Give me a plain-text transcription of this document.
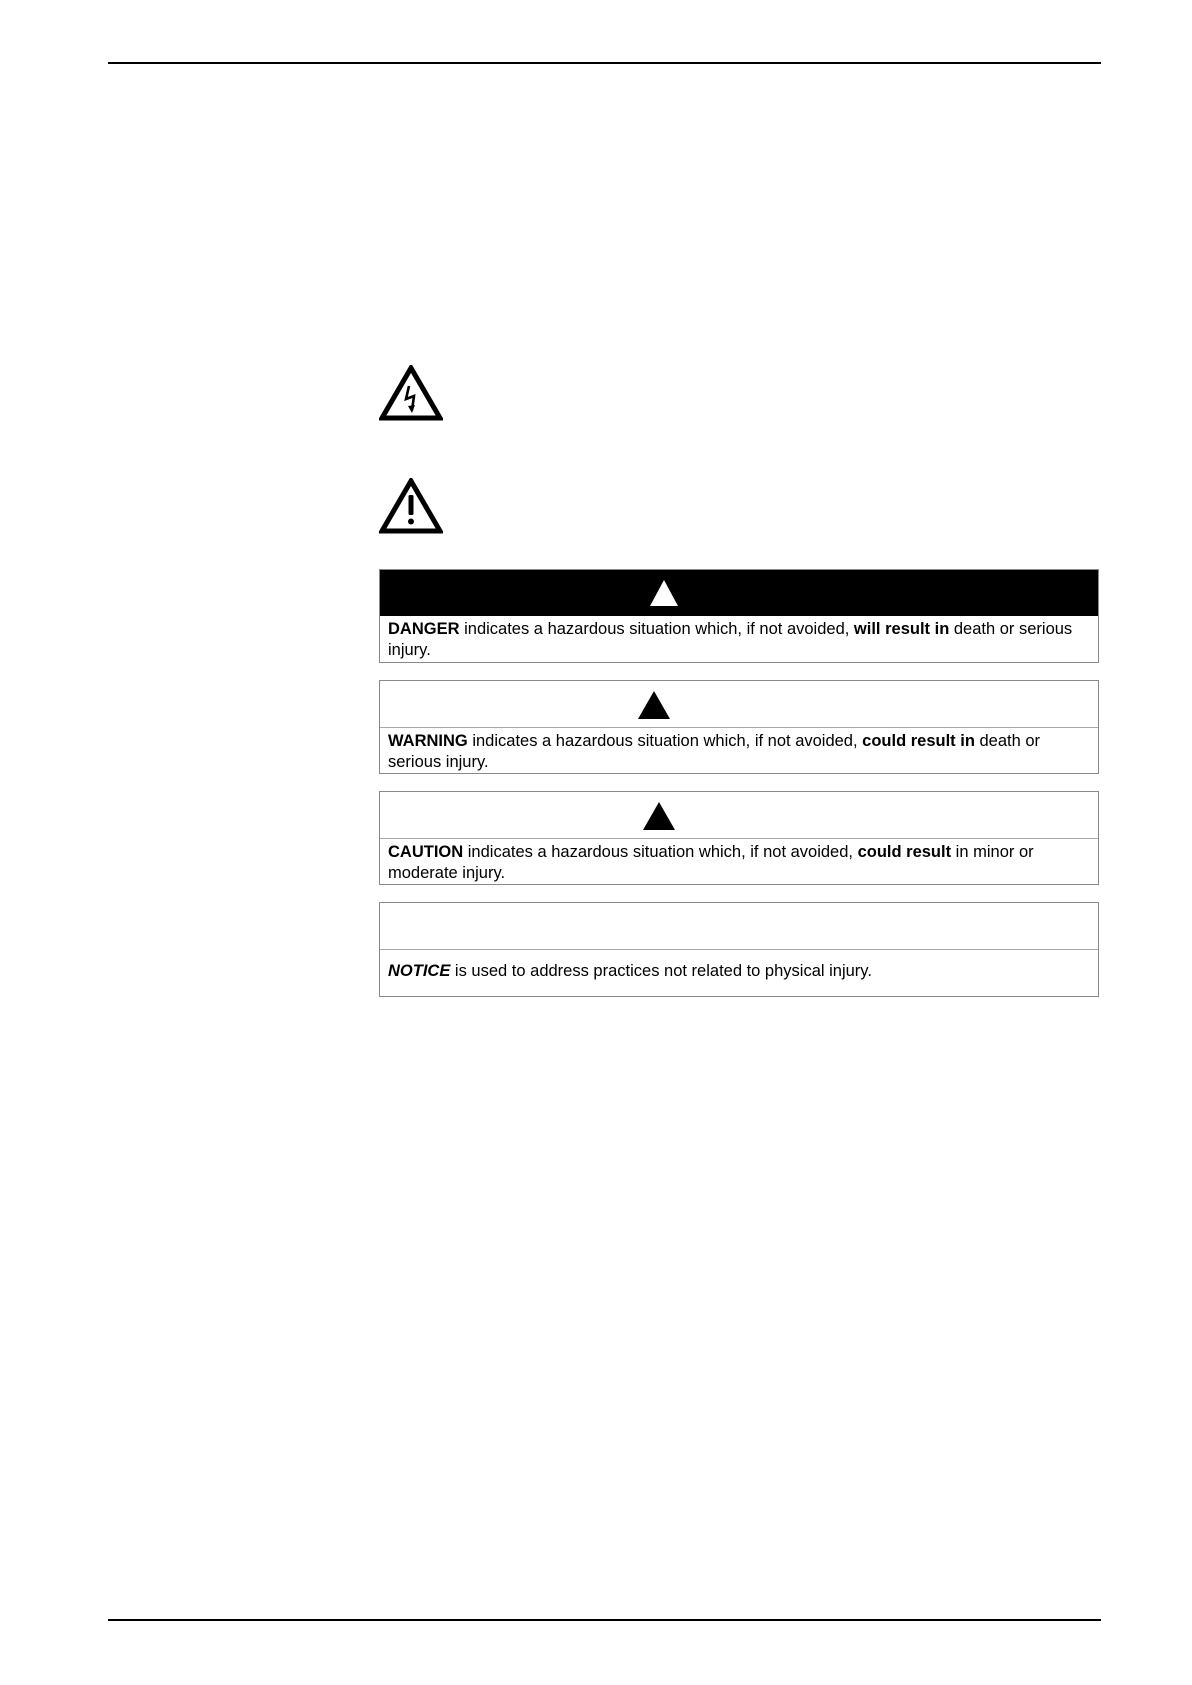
DANGER indicates a hazardous situation which, if not avoided, will result in death or serious injury.
WARNING indicates a hazardous situation which, if not avoided, could result in death or serious injury.
CAUTION indicates a hazardous situation which, if not avoided, could result in minor or moderate injury.
NOTICE is used to address practices not related to physical injury.
